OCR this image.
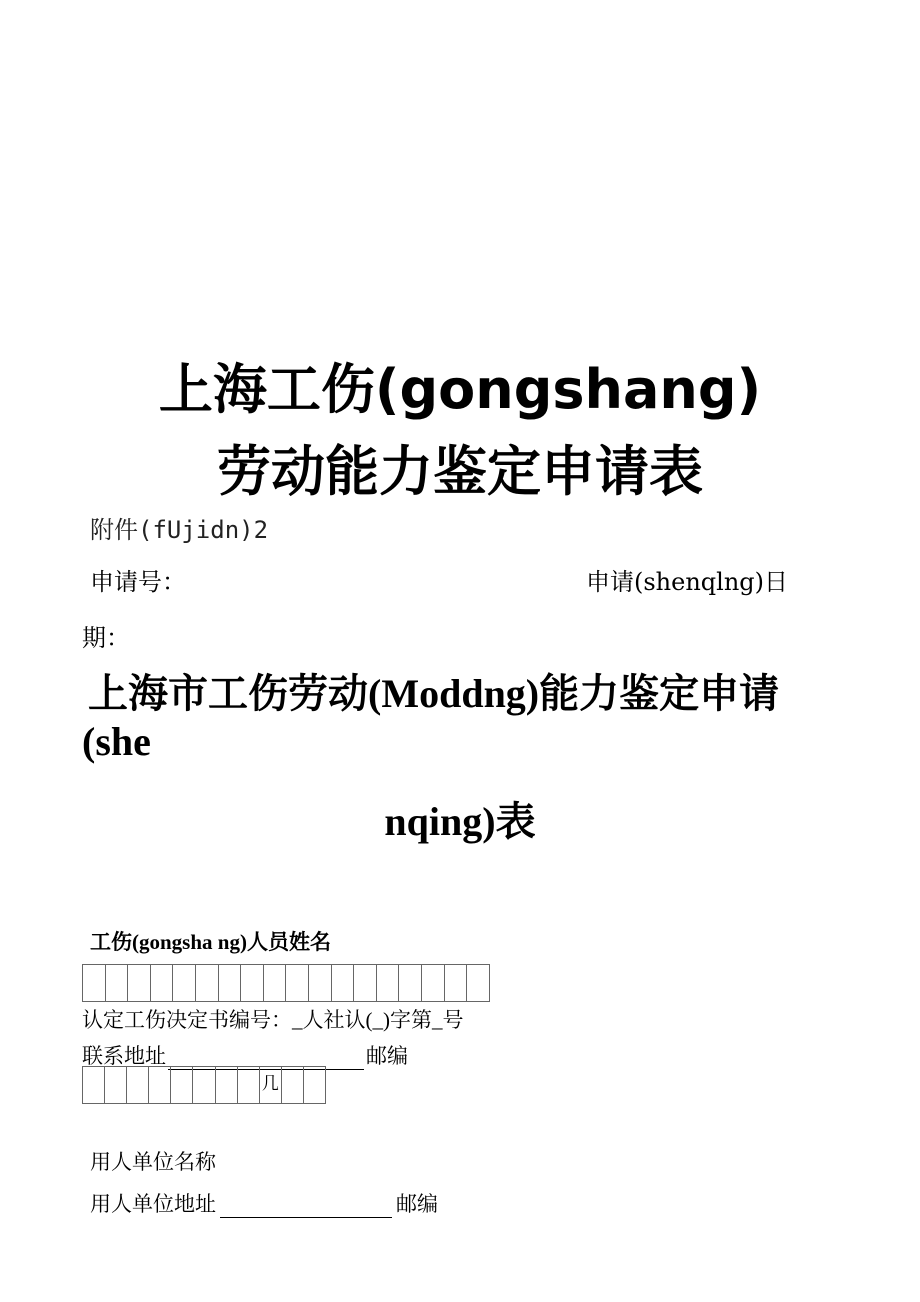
上海工伤(gongshang)
劳动能力鉴定申请表
附件(fUjidn)2
申请号：	申请(shenqlng)日
期：
上海市工伤劳动(Moddng)能力鉴定申请
(she
nqing)表
工伤(gongsha ng)人员姓名
认定工伤决定书编号：_人社认(_)字第_号
联系地址	邮编
几
用人单位名称
用人单位地址	邮编
